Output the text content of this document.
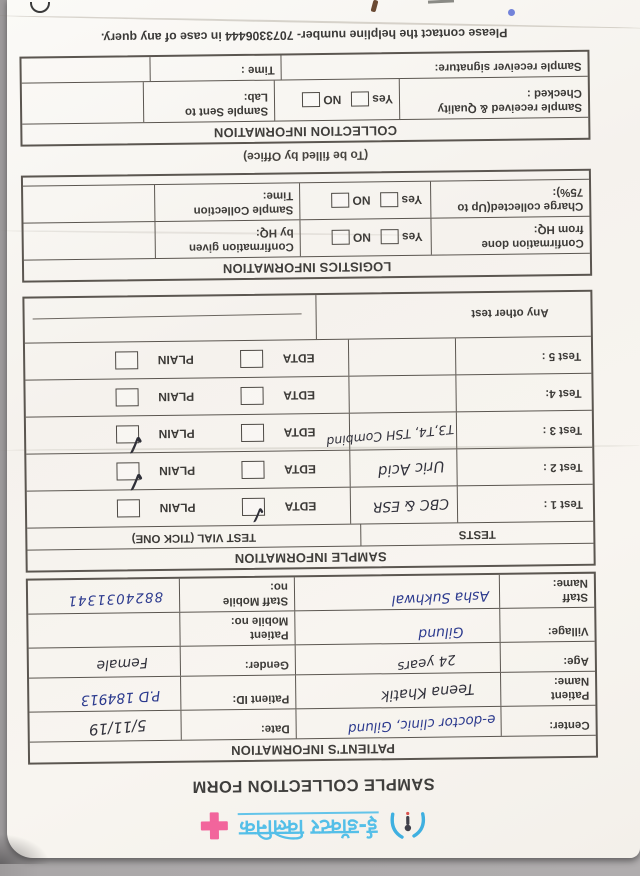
ई-डॉक्टर क्लिनिक
SAMPLE COLLECTION FORM
PATIENT'S INFORMATION
Center:
e-doctor clinic, Gilund
Date:
5/11/19
Patient
Name:
Teena Khatik
Patient ID:
P.D 184913
Age:
24 years
Gender:
Female
Village:
Gilund
Patient
Mobile no:
Staff
Name:
Asha Sukhwal
Staff Mobile
no:
8824031341
SAMPLE INFORMATION
TESTS
TEST VIAL (TICK ONE)
Test 1 :
CBC & ESR
EDTA
✓
PLAIN
Test 2 :
Uric Acid
EDTA
PLAIN
✓
Test 3 :
T3,T4, TSH Combind
EDTA
PLAIN
✓
Test 4:
EDTA
PLAIN
Test 5 :
EDTA
PLAIN
Any other test
LOGISTICS INFORMATION
Confirmation done
from HQ:
Yes
NO
Confirmation given
by HQ:
Charge collected(Up to
75%):
Yes
NO
Sample Collection
Time:
(To be filled by Office)
COLLECTION INFORMATION
Sample received & Quality
Checked :
Yes
NO
Sample Sent to
Lab:
Sample receiver signature:
Time :
Please contact the helpline number- 7073306444 in case of any query.
